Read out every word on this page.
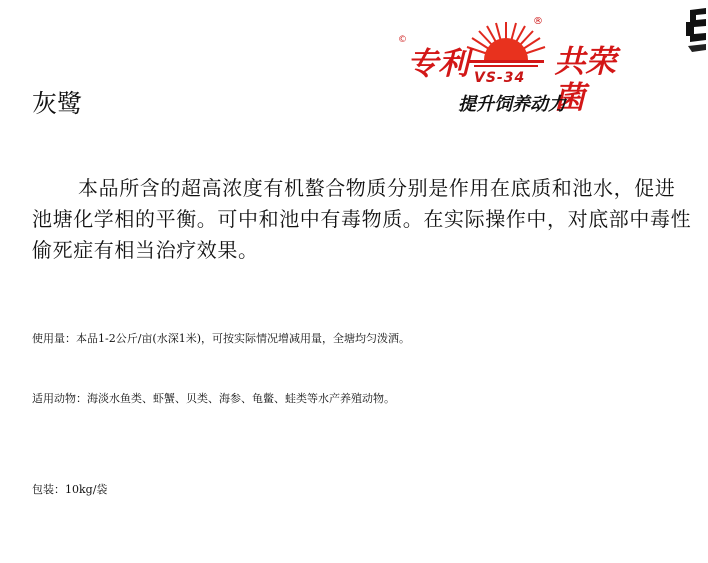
©
®
专利	共荣菌
VS-34
提升饲养动力
灰鹭

本品所含的超高浓度有机螯合物质分别是作用在底质和池水，促进池塘化学相的平衡。可中和池中有毒物质。在实际操作中，对底部中毒性偷死症有相当治疗效果。

使用量：本品1-2公斤/亩(水深1米)，可按实际情况增减用量，全塘均匀泼洒。

适用动物：海淡水鱼类、虾蟹、贝类、海参、龟鳖、蛙类等水产养殖动物。

包装：10kg/袋
